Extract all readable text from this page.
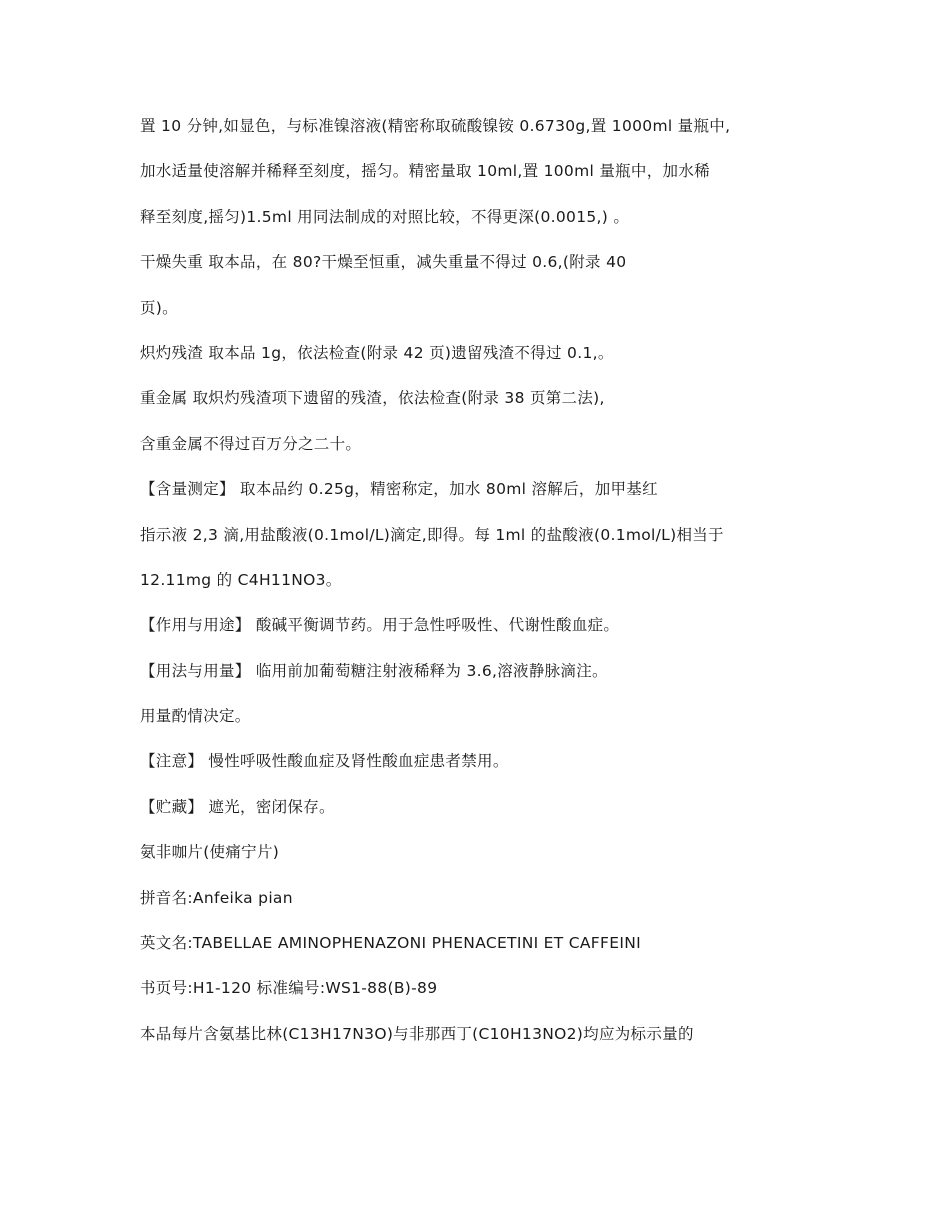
置 10 分钟,如显色，与标准镍溶液(精密称取硫酸镍铵 0.6730g,置 1000ml 量瓶中,

加水适量使溶解并稀释至刻度，摇匀。精密量取 10ml,置 100ml 量瓶中，加水稀

释至刻度,摇匀)1.5ml 用同法制成的对照比较，不得更深(0.0015,) 。

干燥失重 取本品，在 80?干燥至恒重，减失重量不得过 0.6,(附录 40

页)。

炽灼残渣 取本品 1g，依法检查(附录 42 页)遗留残渣不得过 0.1,。

重金属 取炽灼残渣项下遗留的残渣，依法检查(附录 38 页第二法),

含重金属不得过百万分之二十。

【含量测定】 取本品约 0.25g，精密称定，加水 80ml 溶解后，加甲基红

指示液 2,3 滴,用盐酸液(0.1mol/L)滴定,即得。每 1ml 的盐酸液(0.1mol/L)相当于

12.11mg 的 C4H11NO3。

【作用与用途】 酸碱平衡调节药。用于急性呼吸性、代谢性酸血症。

【用法与用量】 临用前加葡萄糖注射液稀释为 3.6,溶液静脉滴注。

用量酌情决定。

【注意】 慢性呼吸性酸血症及肾性酸血症患者禁用。

【贮藏】 遮光，密闭保存。

氨非咖片(使痛宁片)

拼音名:Anfeika pian

英文名:TABELLAE AMINOPHENAZONI PHENACETINI ET CAFFEINI

书页号:H1-120 标准编号:WS1-88(B)-89

本品每片含氨基比林(C13H17N3O)与非那西丁(C10H13NO2)均应为标示量的
